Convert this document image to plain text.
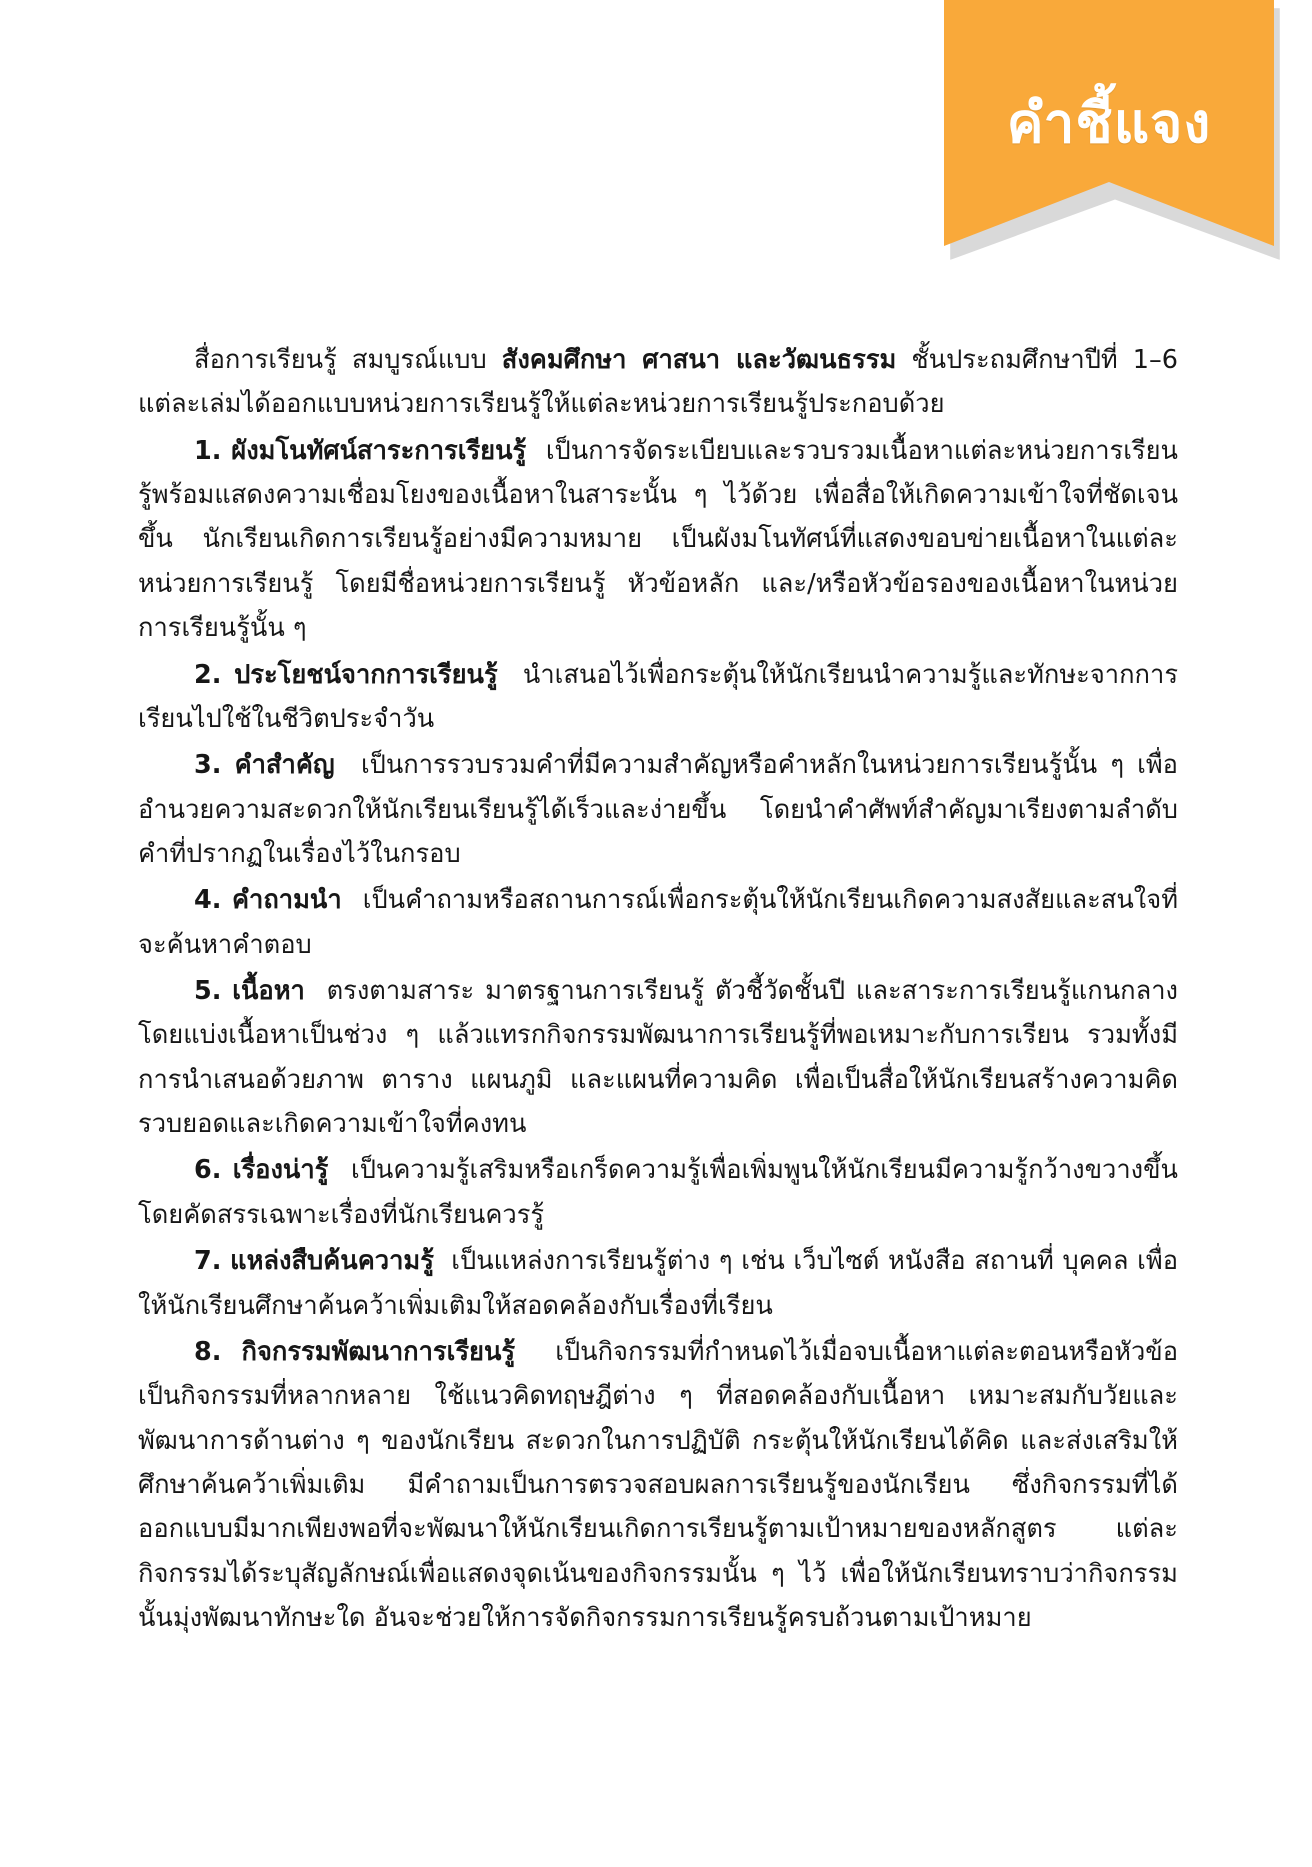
คำชี้แจง

สื่อการเรียนรู้ สมบูรณ์แบบ สังคมศึกษา ศาสนา และวัฒนธรรม ชั้นประถมศึกษาปีที่ 1–6 แต่ละเล่มได้ออกแบบหน่วยการเรียนรู้ให้แต่ละหน่วยการเรียนรู้ประกอบด้วย

1. ผังมโนทัศน์สาระการเรียนรู้ เป็นการจัดระเบียบและรวบรวมเนื้อหาแต่ละหน่วยการเรียนรู้พร้อมแสดงความเชื่อมโยงของเนื้อหาในสาระนั้น ๆ ไว้ด้วย เพื่อสื่อให้เกิดความเข้าใจที่ชัดเจนขึ้น นักเรียนเกิดการเรียนรู้อย่างมีความหมาย เป็นผังมโนทัศน์ที่แสดงขอบข่ายเนื้อหาในแต่ละหน่วยการเรียนรู้ โดยมีชื่อหน่วยการเรียนรู้ หัวข้อหลัก และ/หรือหัวข้อรองของเนื้อหาในหน่วยการเรียนรู้นั้น ๆ

2. ประโยชน์จากการเรียนรู้ นำเสนอไว้เพื่อกระตุ้นให้นักเรียนนำความรู้และทักษะจากการเรียนไปใช้ในชีวิตประจำวัน

3. คำสำคัญ เป็นการรวบรวมคำที่มีความสำคัญหรือคำหลักในหน่วยการเรียนรู้นั้น ๆ เพื่ออำนวยความสะดวกให้นักเรียนเรียนรู้ได้เร็วและง่ายขึ้น โดยนำคำศัพท์สำคัญมาเรียงตามลำดับคำที่ปรากฏในเรื่องไว้ในกรอบ

4. คำถามนำ เป็นคำถามหรือสถานการณ์เพื่อกระตุ้นให้นักเรียนเกิดความสงสัยและสนใจที่จะค้นหาคำตอบ

5. เนื้อหา ตรงตามสาระ มาตรฐานการเรียนรู้ ตัวชี้วัดชั้นปี และสาระการเรียนรู้แกนกลาง โดยแบ่งเนื้อหาเป็นช่วง ๆ แล้วแทรกกิจกรรมพัฒนาการเรียนรู้ที่พอเหมาะกับการเรียน รวมทั้งมีการนำเสนอด้วยภาพ ตาราง แผนภูมิ และแผนที่ความคิด เพื่อเป็นสื่อให้นักเรียนสร้างความคิดรวบยอดและเกิดความเข้าใจที่คงทน

6. เรื่องน่ารู้ เป็นความรู้เสริมหรือเกร็ดความรู้เพื่อเพิ่มพูนให้นักเรียนมีความรู้กว้างขวางขึ้น โดยคัดสรรเฉพาะเรื่องที่นักเรียนควรรู้

7. แหล่งสืบค้นความรู้ เป็นแหล่งการเรียนรู้ต่าง ๆ เช่น เว็บไซต์ หนังสือ สถานที่ บุคคล เพื่อให้นักเรียนศึกษาค้นคว้าเพิ่มเติมให้สอดคล้องกับเรื่องที่เรียน

8. กิจกรรมพัฒนาการเรียนรู้ เป็นกิจกรรมที่กำหนดไว้เมื่อจบเนื้อหาแต่ละตอนหรือหัวข้อ เป็นกิจกรรมที่หลากหลาย ใช้แนวคิดทฤษฎีต่าง ๆ ที่สอดคล้องกับเนื้อหา เหมาะสมกับวัยและพัฒนาการด้านต่าง ๆ ของนักเรียน สะดวกในการปฏิบัติ กระตุ้นให้นักเรียนได้คิด และส่งเสริมให้ศึกษาค้นคว้าเพิ่มเติม มีคำถามเป็นการตรวจสอบผลการเรียนรู้ของนักเรียน ซึ่งกิจกรรมที่ได้ออกแบบมีมากเพียงพอที่จะพัฒนาให้นักเรียนเกิดการเรียนรู้ตามเป้าหมายของหลักสูตร แต่ละกิจกรรมได้ระบุสัญลักษณ์เพื่อแสดงจุดเน้นของกิจกรรมนั้น ๆ ไว้ เพื่อให้นักเรียนทราบว่ากิจกรรมนั้นมุ่งพัฒนาทักษะใด อันจะช่วยให้การจัดกิจกรรมการเรียนรู้ครบถ้วนตามเป้าหมาย
